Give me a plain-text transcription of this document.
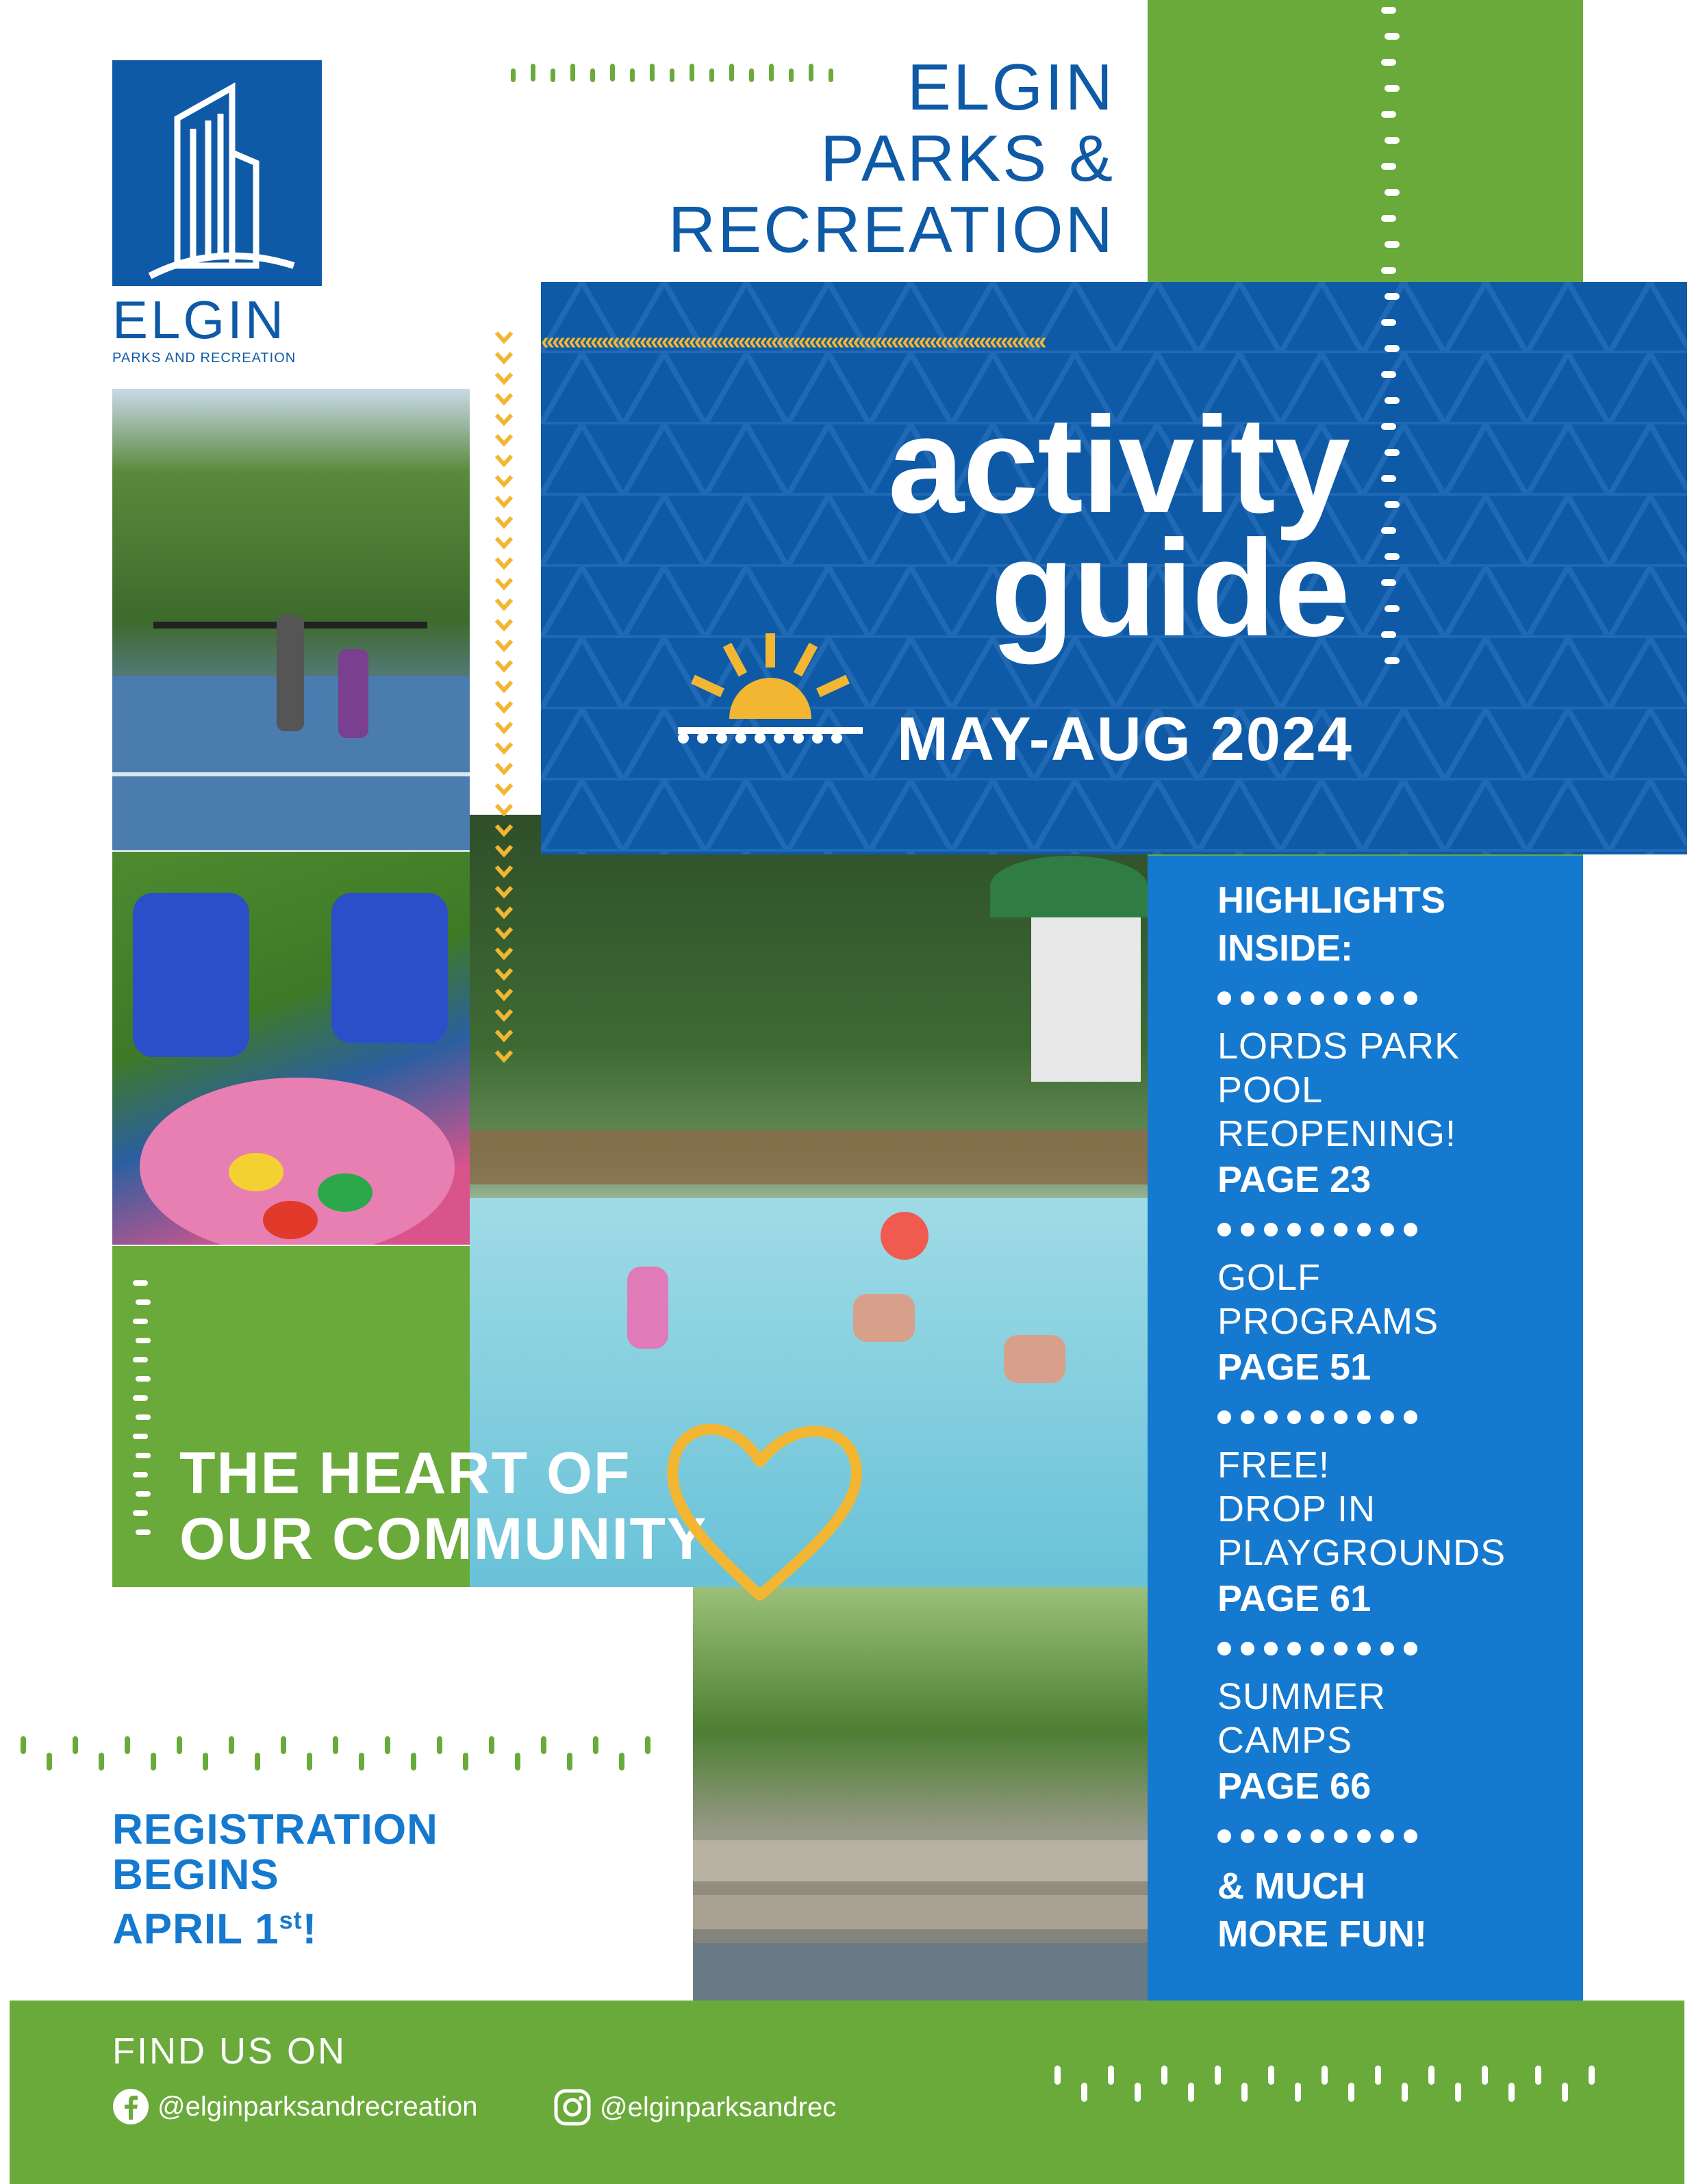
ELGIN
PARKS AND RECREATION
ELGIN
PARKS &
RECREATION
THE HEART OF
OUR COMMUNITY
‹‹‹‹‹‹‹‹‹‹‹‹‹‹‹‹‹‹‹‹‹‹‹‹‹‹‹‹‹‹‹‹‹‹‹‹‹‹‹‹‹‹‹‹‹‹‹‹‹‹‹‹‹‹‹‹‹‹‹‹‹‹‹‹‹‹‹‹‹‹‹‹‹‹‹‹‹‹‹‹‹‹‹‹‹‹‹‹‹‹‹‹
activity
guide
MAY-AUG 2024
HIGHLIGHTS
INSIDE:
LORDS PARK
POOL
REOPENING!
PAGE 23
GOLF
PROGRAMS
PAGE 51
FREE!
DROP IN
PLAYGROUNDS
PAGE 61
SUMMER
CAMPS
PAGE 66
& MUCH
MORE FUN!
REGISTRATION
BEGINS
APRIL 1st!
FIND US ON
@elginparksandrecreation	@elginparksandrec
